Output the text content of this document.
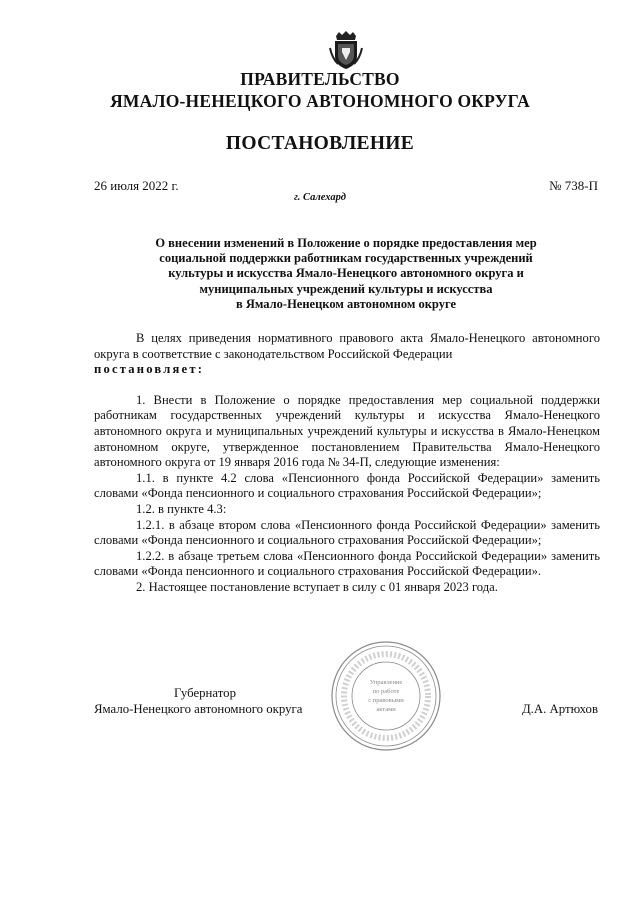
ПРАВИТЕЛЬСТВО
ЯМАЛО-НЕНЕЦКОГО АВТОНОМНОГО ОКРУГА
ПОСТАНОВЛЕНИЕ
26 июля 2022 г.	№ 738-П
г. Салехард
О внесении изменений в Положение о порядке предоставления мер
социальной поддержки работникам государственных учреждений
культуры и искусства Ямало-Ненецкого автономного округа и
муниципальных учреждений культуры и искусства
в Ямало-Ненецком автономном округе

В целях приведения нормативного правового акта Ямало-Ненецкого автономного округа в соответствие с законодательством Российской Федерации

постановляет:

1. Внести в Положение о порядке предоставления мер социальной поддержки работникам государственных учреждений культуры и искусства Ямало-Ненецкого автономного округа и муниципальных учреждений культуры и искусства в Ямало-Ненецком автономном округе, утвержденное постановлением Правительства Ямало-Ненецкого автономного округа от 19 января 2016 года № 34-П, следующие изменения:

1.1. в пункте 4.2 слова «Пенсионного фонда Российской Федерации» заменить словами «Фонда пенсионного и социального страхования Российской Федерации»;

1.2. в пункте 4.3:

1.2.1. в абзаце втором слова «Пенсионного фонда Российской Федерации» заменить словами «Фонда пенсионного и социального страхования Российской Федерации»;

1.2.2. в абзаце третьем слова «Пенсионного фонда Российской Федерации» заменить словами «Фонда пенсионного и социального страхования Российской Федерации».

2. Настоящее постановление вступает в силу с 01 января 2023 года.

Управление
по работе
с правовыми
актами
Губернатор
Ямало-Ненецкого автономного округа	Д.А. Артюхов
